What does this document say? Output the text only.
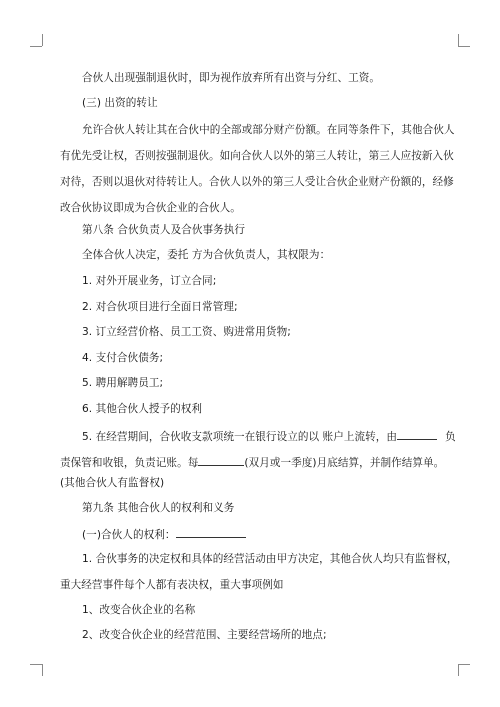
合伙人出现强制退伙时，即为视作放弃所有出资与分红、工资。
(三) 出资的转让
允许合伙人转让其在合伙中的全部或部分财产份额。在同等条件下，其他合伙人
有优先受让权，否则按强制退伙。如向合伙人以外的第三人转让，第三人应按新入伙
对待，否则以退伙对待转让人。合伙人以外的第三人受让合伙企业财产份额的，经修
改合伙协议即成为合伙企业的合伙人。
第八条 合伙负责人及合伙事务执行
全体合伙人决定，委托 方为合伙负责人，其权限为：
1. 对外开展业务，订立合同;
2. 对合伙项目进行全面日常管理;
3. 订立经营价格、员工工资、购进常用货物;
4. 支付合伙债务;
5. 聘用解聘员工;
6. 其他合伙人授予的权利
5. 在经营期间，合伙收支款项统一在银行设立的以 账户上流转，由	负
责保管和收银，负责记账。每	(双月或一季度)月底结算，并制作结算单。
(其他合伙人有监督权)
第九条 其他合伙人的权利和义务
(一)合伙人的权利：
1. 合伙事务的决定权和具体的经营活动由甲方决定，其他合伙人均只有监督权，
重大经营事件每个人都有表决权，重大事项例如
1、改变合伙企业的名称
2、改变合伙企业的经营范围、主要经营场所的地点;
